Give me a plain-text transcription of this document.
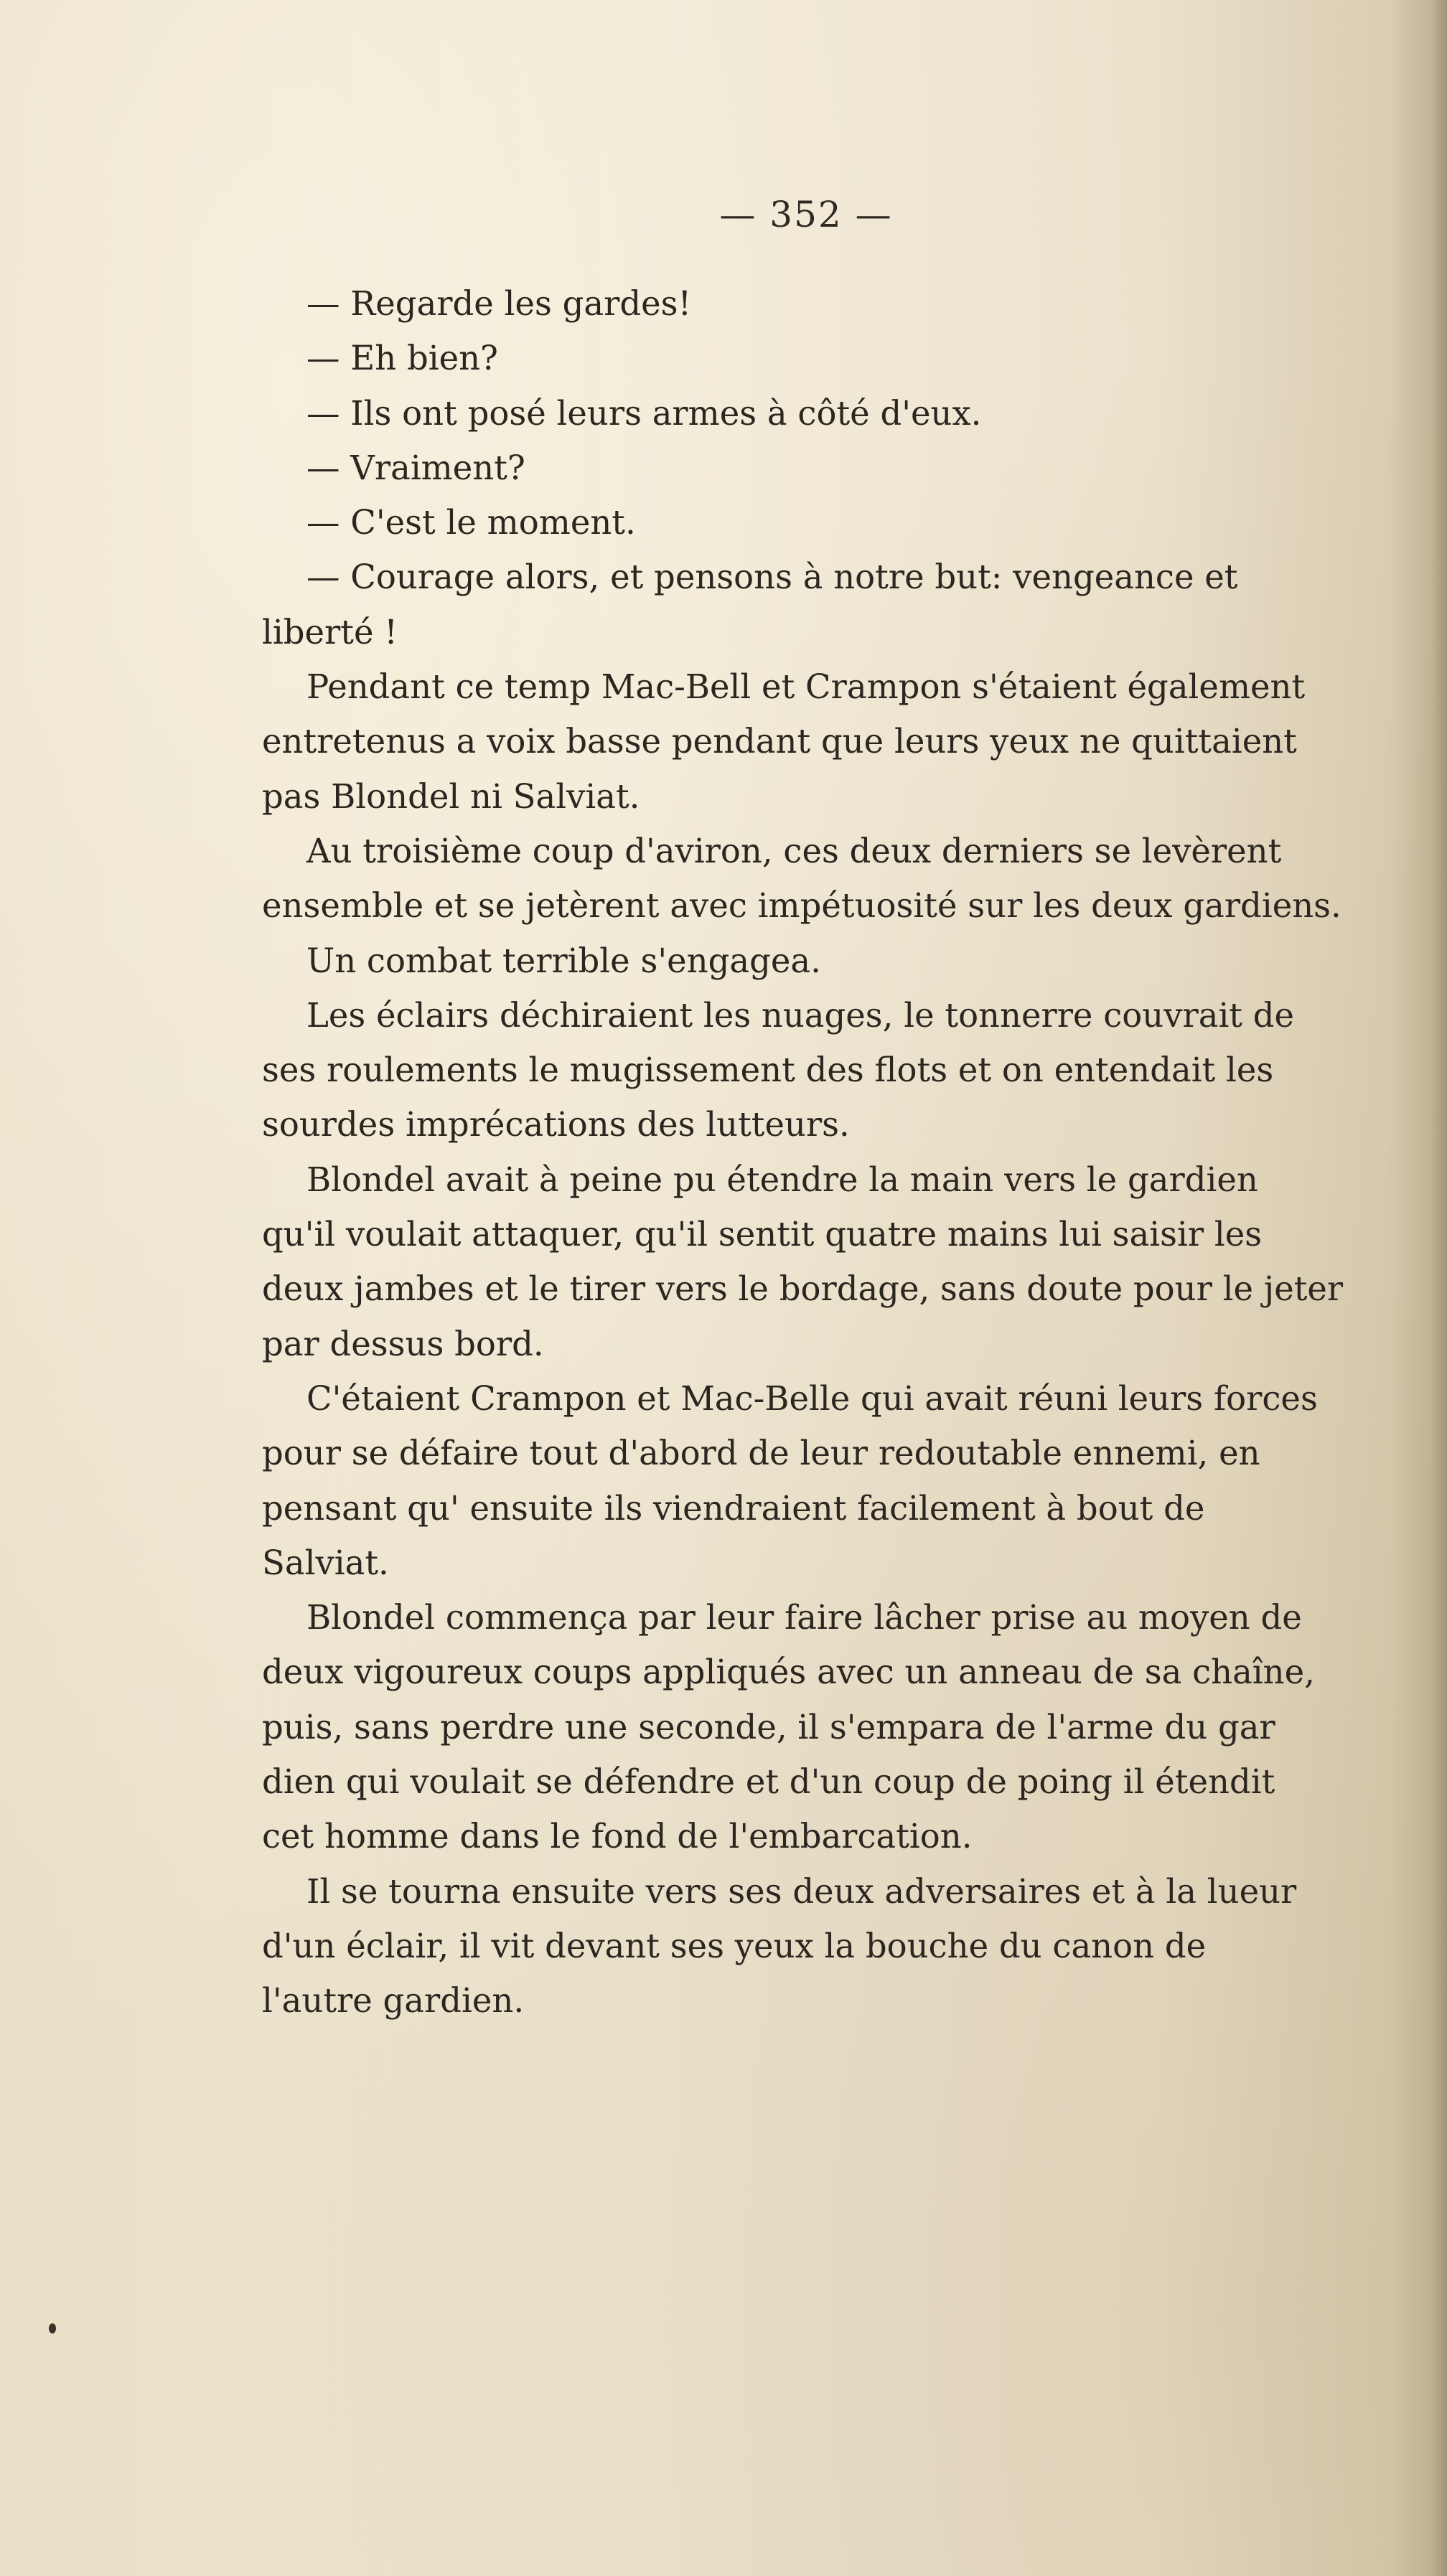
— 352 —
— Regarde les gardes!
— Eh bien?
— Ils ont posé leurs armes à côté d'eux.
— Vraiment?
— C'est le moment.
— Courage alors, et pensons à notre but: vengeance et
liberté !
Pendant ce temp Mac-Bell et Crampon s'étaient également
entretenus a voix basse pendant que leurs yeux ne quittaient
pas Blondel ni Salviat.
Au troisième coup d'aviron, ces deux derniers se levèrent
ensemble et se jetèrent avec impétuosité sur les deux gardiens.
Un combat terrible s'engagea.
Les éclairs déchiraient les nuages, le tonnerre couvrait de
ses roulements le mugissement des flots et on entendait les
sourdes imprécations des lutteurs.
Blondel avait à peine pu étendre la main vers le gardien
qu'il voulait attaquer, qu'il sentit quatre mains lui saisir les
deux jambes et le tirer vers le bordage, sans doute pour le jeter
par dessus bord.
C'étaient Crampon et Mac-Belle qui avait réuni leurs forces
pour se défaire tout d'abord de leur redoutable ennemi, en
pensant qu' ensuite ils viendraient facilement à bout de
Salviat.
Blondel commença par leur faire lâcher prise au moyen de
deux vigoureux coups appliqués avec un anneau de sa chaîne,
puis, sans perdre une seconde, il s'empara de l'arme du gar
dien qui voulait se défendre et d'un coup de poing il étendit
cet homme dans le fond de l'embarcation.
Il se tourna ensuite vers ses deux adversaires et à la lueur
d'un éclair, il vit devant ses yeux la bouche du canon de
l'autre gardien.
